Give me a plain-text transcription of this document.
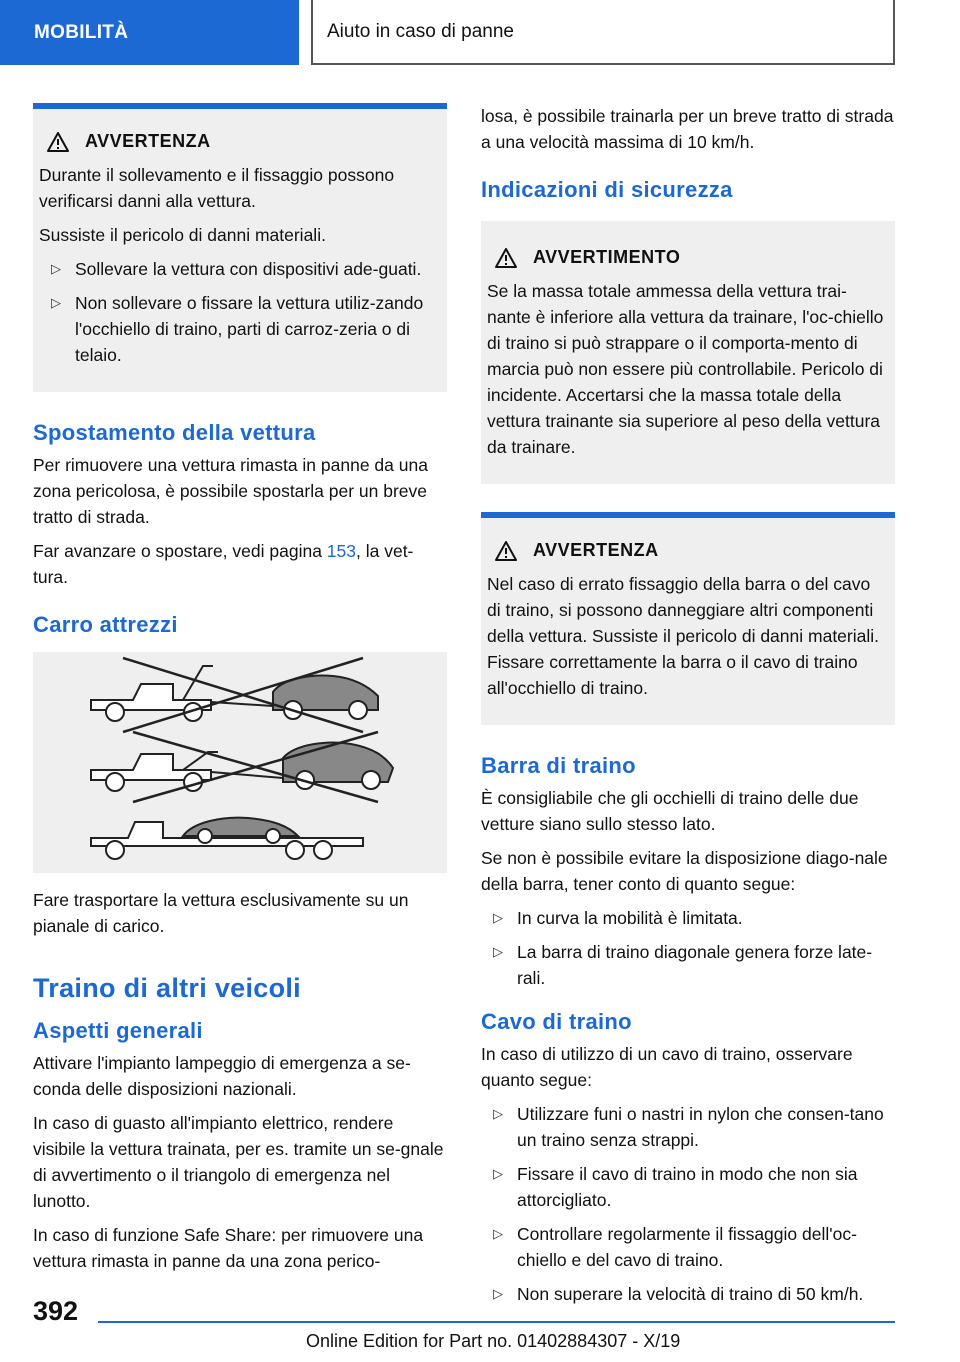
MOBILITÀ	Aiuto in caso di panne
AVVERTENZA

Durante il sollevamento e il fissaggio possono verificarsi danni alla vettura.

Sussiste il pericolo di danni materiali.

▷ Sollevare la vettura con dispositivi ade-guati.
▷ Non sollevare o fissare la vettura utiliz-zando l'occhiello di traino, parti di carroz-zeria o di telaio.
Spostamento della vettura

Per rimuovere una vettura rimasta in panne da una zona pericolosa, è possibile spostarla per un breve tratto di strada.

Far avanzare o spostare, vedi pagina 153, la vet-tura.

Carro attrezzi

Fare trasportare la vettura esclusivamente su un pianale di carico.

Traino di altri veicoli
Aspetti generali

Attivare l'impianto lampeggio di emergenza a se-conda delle disposizioni nazionali.

In caso di guasto all'impianto elettrico, rendere visibile la vettura trainata, per es. tramite un se-gnale di avvertimento o il triangolo di emergenza nel lunotto.

In caso di funzione Safe Share: per rimuovere una vettura rimasta in panne da una zona perico-

losa, è possibile trainarla per un breve tratto di strada a una velocità massima di 10 km/h.

Indicazioni di sicurezza
AVVERTIMENTO

Se la massa totale ammessa della vettura trai-nante è inferiore alla vettura da trainare, l'oc-chiello di traino si può strappare o il comporta-mento di marcia può non essere più controllabile. Pericolo di incidente. Accertarsi che la massa totale della vettura trainante sia superiore al peso della vettura da trainare.

AVVERTENZA

Nel caso di errato fissaggio della barra o del cavo di traino, si possono danneggiare altri componenti della vettura. Sussiste il pericolo di danni materiali. Fissare correttamente la barra o il cavo di traino all'occhiello di traino.

Barra di traino

È consigliabile che gli occhielli di traino delle due vetture siano sullo stesso lato.

Se non è possibile evitare la disposizione diago-nale della barra, tener conto di quanto segue:

▷ In curva la mobilità è limitata.
▷ La barra di traino diagonale genera forze late-rali.
Cavo di traino

In caso di utilizzo di un cavo di traino, osservare quanto segue:

▷ Utilizzare funi o nastri in nylon che consen-tano un traino senza strappi.
▷ Fissare il cavo di traino in modo che non sia attorcigliato.
▷ Controllare regolarmente il fissaggio dell'oc-chiello e del cavo di traino.
▷ Non superare la velocità di traino di 50 km/h.
392
Online Edition for Part no. 01402884307 - X/19
